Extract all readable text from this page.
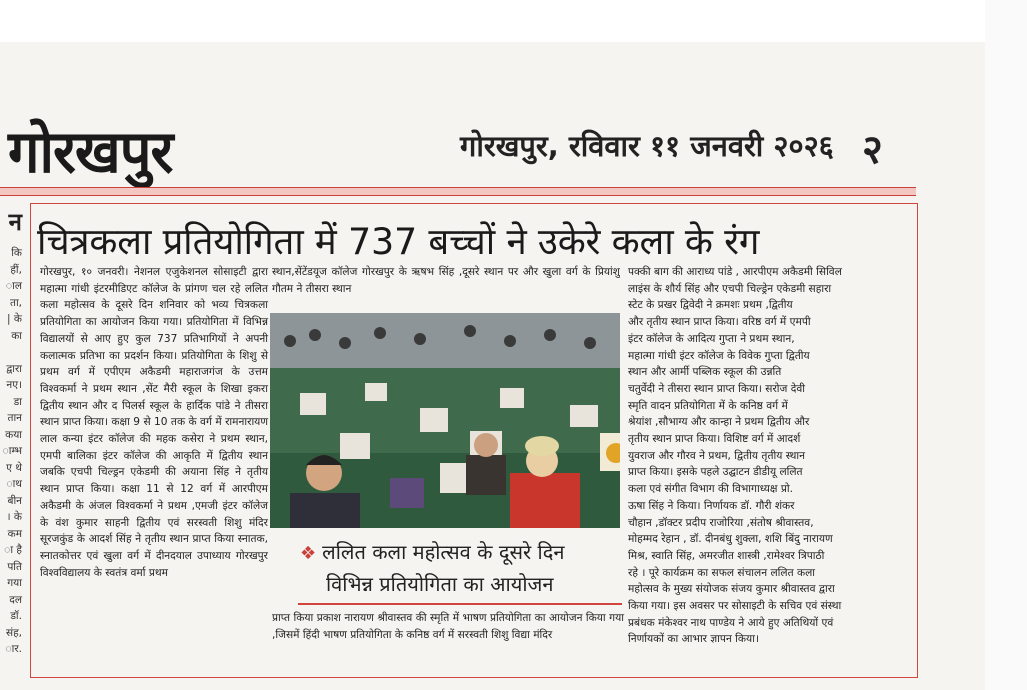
गोरखपुर	गोरखपुर, रविवार ११ जनवरी २०२६ २
न
कि
हीं,
ाल
ता,
| के
का

द्वारा
नए।
डा
तान
कया
ाम्भ
ए थे
ाथ
बीन
। के
कम
ा है
पति
गया
दल
डॉ.
संह,
ार.
चित्रकला प्रतियोगिता में 737 बच्चों ने उकेरे कला के रंग
गोरखपुर, १० जनवरी। नेशनल एजुकेशनल सोसाइटी द्वारा महात्मा गांधी इंटरमीडिएट कॉलेज के प्रांगण चल रहे ललित कला महोत्सव के दूसरे दिन शनिवार को भव्य चित्रकला प्रतियोगिता का आयोजन किया गया। प्रतियोगिता में विभिन्न विद्यालयों से आए हुए कुल 737 प्रतिभागियों ने अपनी कलात्मक प्रतिभा का प्रदर्शन किया। प्रतियोगिता के शिशु से प्रथम वर्ग में एपीएम अकैडमी महाराजगंज के उत्तम विश्वकर्मा ने प्रथम स्थान ,सेंट मैरी स्कूल के शिखा इकरा द्वितीय स्थान और द पिलर्स स्कूल के हार्दिक पांडे ने तीसरा स्थान प्राप्त किया। कक्षा 9 से 10 तक के वर्ग में रामनारायण लाल कन्या इंटर कॉलेज की महक कसेरा ने प्रथम स्थान, एमपी बालिका इंटर कॉलेज की आकृति में द्वितीय स्थान जबकि एचपी चिल्ड्रन एकेडमी की अयाना सिंह ने तृतीय स्थान प्राप्त किया। कक्षा 11 से 12 वर्ग में आरपीएम अकैडमी के अंजल विश्वकर्मा ने प्रथम ,एमजी इंटर कॉलेज के वंश कुमार साहनी द्वितीय एवं सरस्वती शिशु मंदिर सूरजकुंड के आदर्श सिंह ने तृतीय स्थान प्राप्त किया स्नातक, स्नातकोत्तर एवं खुला वर्ग में दीनदयाल उपाध्याय गोरखपुर विश्वविद्यालय के स्वतंत्र वर्मा प्रथम
स्थान,सेंटेंडयूज कॉलेज गोरखपुर के ऋषभ सिंह ,दूसरे स्थान पर और खुला वर्ग के प्रियांशु गौतम ने तीसरा स्थान
पक्की बाग की आराध्य पांडे , आरपीएम अकैडमी सिविल
लाइंस के शौर्य सिंह और एचपी चिल्ड्रेन एकेडमी सहारा
स्टेट के प्रखर द्विवेदी ने क्रमशः प्रथम ,द्वितीय
और तृतीय स्थान प्राप्त किया। वरिष्ठ वर्ग में एमपी
इंटर कॉलेज के आदित्य गुप्ता ने प्रथम स्थान,
महात्मा गांधी इंटर कॉलेज के विवेक गुप्ता द्वितीय
स्थान और आर्मी पब्लिक स्कूल की उन्नति
चतुर्वेदी ने तीसरा स्थान प्राप्त किया। सरोज देवी
स्मृति वादन प्रतियोगिता में के कनिष्ठ वर्ग में
श्रेयांश ,सौभाग्य और कान्हा ने प्रथम द्वितीय और
तृतीय स्थान प्राप्त किया। विशिष्ट वर्ग में आदर्श
युवराज और गौरव ने प्रथम, द्वितीय तृतीय स्थान
प्राप्त किया। इसके पहले उद्घाटन डीडीयू ललित
कला एवं संगीत विभाग की विभागाध्यक्ष प्रो.
ऊषा सिंह ने किया। निर्णायक डॉ. गौरी शंकर
चौहान ,डॉक्टर प्रदीप राजोरिया ,संतोष श्रीवास्तव,
मोहम्मद रेहान , डॉ. दीनबंधु शुक्ला, शशि बिंदु नारायण
मिश्र, स्वाति सिंह, अमरजीत शास्त्री ,रामेश्वर त्रिपाठी
रहे । पूरे कार्यक्रम का सफल संचालन ललित कला
महोत्सव के मुख्य संयोजक संजय कुमार श्रीवास्तव द्वारा
किया गया। इस अवसर पर सोसाइटी के सचिव एवं संस्था
प्रबंधक मंकेश्वर नाथ पाण्डेय ने आये हुए अतिथियों एवं
निर्णायकों का आभार ज्ञापन किया।
❖ ललित कला महोत्सव के दूसरे दिन
विभिन्न प्रतियोगिता का आयोजन
प्राप्त किया प्रकाश नारायण श्रीवास्तव की स्मृति में भाषण प्रतियोगिता का आयोजन किया गया ,जिसमें हिंदी भाषण प्रतियोगिता के कनिष्ठ वर्ग में सरस्वती शिशु विद्या मंदिर
